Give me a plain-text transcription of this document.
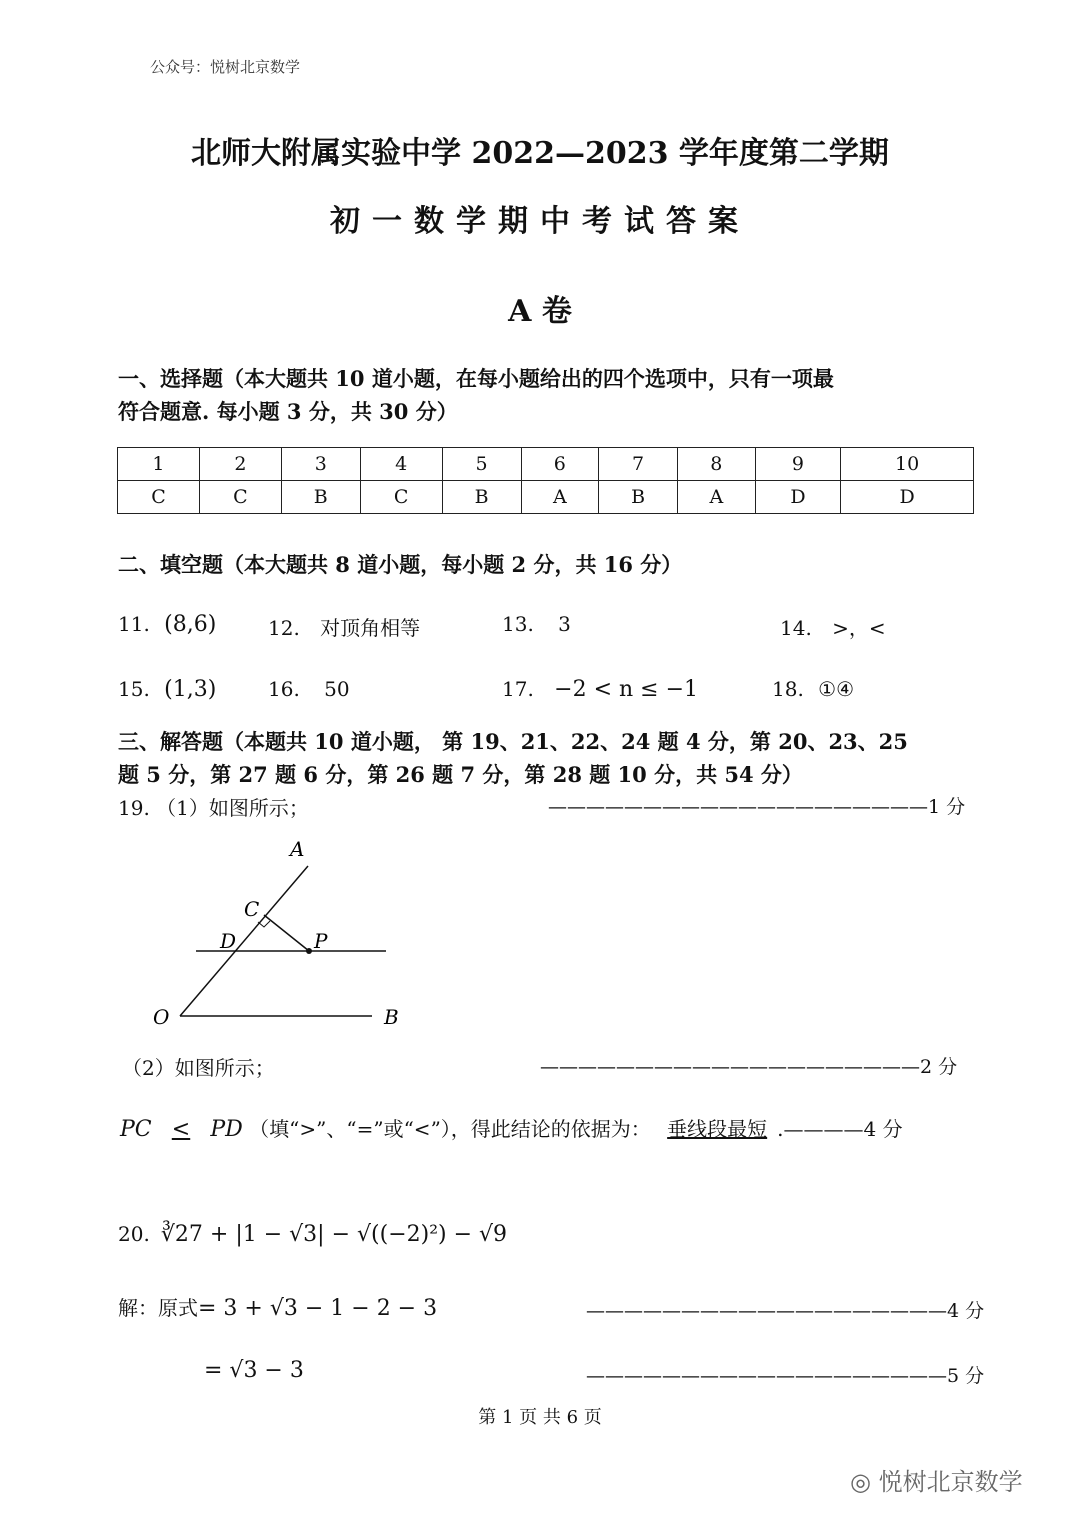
公众号：悦树北京数学
北师大附属实验中学 2022—2023 学年度第二学期
初一数学期中考试答案
A 卷
一、选择题（本大题共 10 道小题，在每小题给出的四个选项中，只有一项最
符合题意. 每小题 3 分，共 30 分）
1	2	3	4	5	6	7	8	9	10
C	C	B	C	B	A	B	A	D	D
二、填空题（本大题共 8 道小题，每小题 2 分，共 16 分）
11. (8,6)	12. 对顶角相等	13. 3	14. >，<
15. (1,3)	16. 50	17. −2 < n ≤ −1	18. ①④
三、解答题（本题共 10 道小题， 第 19、21、22、24 题 4 分，第 20、23、25
题 5 分，第 27 题 6 分，第 26 题 7 分，第 28 题 10 分，共 54 分）
19. （1）如图所示；	————————————————————1 分
A
C
D	P
O	B
（2）如图所示；	————————————————————2 分
PC < PD （填“>”、“=”或“<”），得此结论的依据为： 垂线段最短 .————4 分
20. ∛27 + |1 − √3| − √((−2)²) − √9
解：原式= 3 + √3 − 1 − 2 − 3	———————————————————4 分
= √3 − 3	———————————————————5 分
第 1 页 共 6 页
◎ 悦树北京数学
